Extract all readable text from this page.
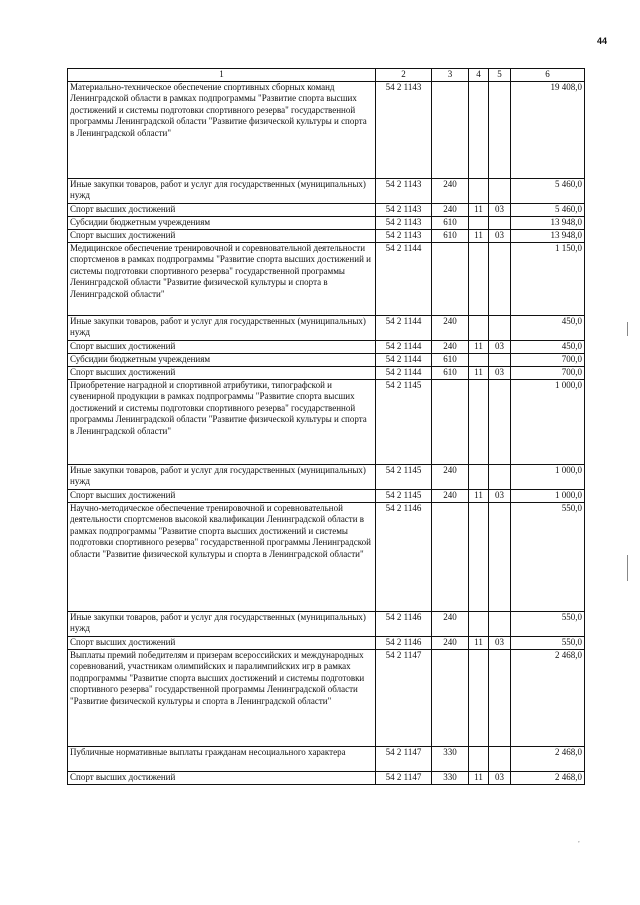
44
1	2	3	4	5	6
Материально-техническое обеспечение спортивных сборных команд Ленинградской области в рамках подпрограммы "Развитие спорта высших достижений и системы подготовки спортивного резерва" государственной программы Ленинградской области "Развитие физической культуры и спорта в Ленинградской области"	54 2 1143				19 408,0
Иные закупки товаров, работ и услуг для государственных (муниципальных) нужд	54 2 1143	240			5 460,0
Спорт высших достижений	54 2 1143	240	11	03	5 460,0
Субсидии бюджетным учреждениям	54 2 1143	610			13 948,0
Спорт высших достижений	54 2 1143	610	11	03	13 948,0
Медицинское обеспечение тренировочной и соревновательной деятельности спортсменов в рамках подпрограммы "Развитие спорта высших достижений и системы подготовки спортивного резерва" государственной программы Ленинградской области "Развитие физической культуры и спорта в Ленинградской области"	54 2 1144				1 150,0
Иные закупки товаров, работ и услуг для государственных (муниципальных) нужд	54 2 1144	240			450,0
Спорт высших достижений	54 2 1144	240	11	03	450,0
Субсидии бюджетным учреждениям	54 2 1144	610			700,0
Спорт высших достижений	54 2 1144	610	11	03	700,0
Приобретение наградной и спортивной атрибутики, типографской и сувенирной продукции в рамках подпрограммы "Развитие спорта высших достижений и системы подготовки спортивного резерва" государственной программы Ленинградской области "Развитие физической культуры и спорта в Ленинградской области"	54 2 1145				1 000,0
Иные закупки товаров, работ и услуг для государственных (муниципальных) нужд	54 2 1145	240			1 000,0
Спорт высших достижений	54 2 1145	240	11	03	1 000,0
Научно-методическое обеспечение тренировочной и соревновательной деятельности спортсменов высокой квалификации Ленинградской области в рамках подпрограммы "Развитие спорта высших достижений и системы подготовки спортивного резерва" государственной программы Ленинградской области "Развитие физической культуры и спорта в Ленинградской области"	54 2 1146				550,0
Иные закупки товаров, работ и услуг для государственных (муниципальных) нужд	54 2 1146	240			550,0
Спорт высших достижений	54 2 1146	240	11	03	550,0
Выплаты премий победителям и призерам всероссийских и международных соревнований, участникам олимпийских и паралимпийских игр в рамках подпрограммы "Развитие спорта высших достижений и системы подготовки спортивного резерва" государственной программы Ленинградской области "Развитие физической культуры и спорта в Ленинградской области"	54 2 1147				2 468,0
Публичные нормативные выплаты гражданам несоциального характера	54 2 1147	330			2 468,0
Спорт высших достижений	54 2 1147	330	11	03	2 468,0
,
